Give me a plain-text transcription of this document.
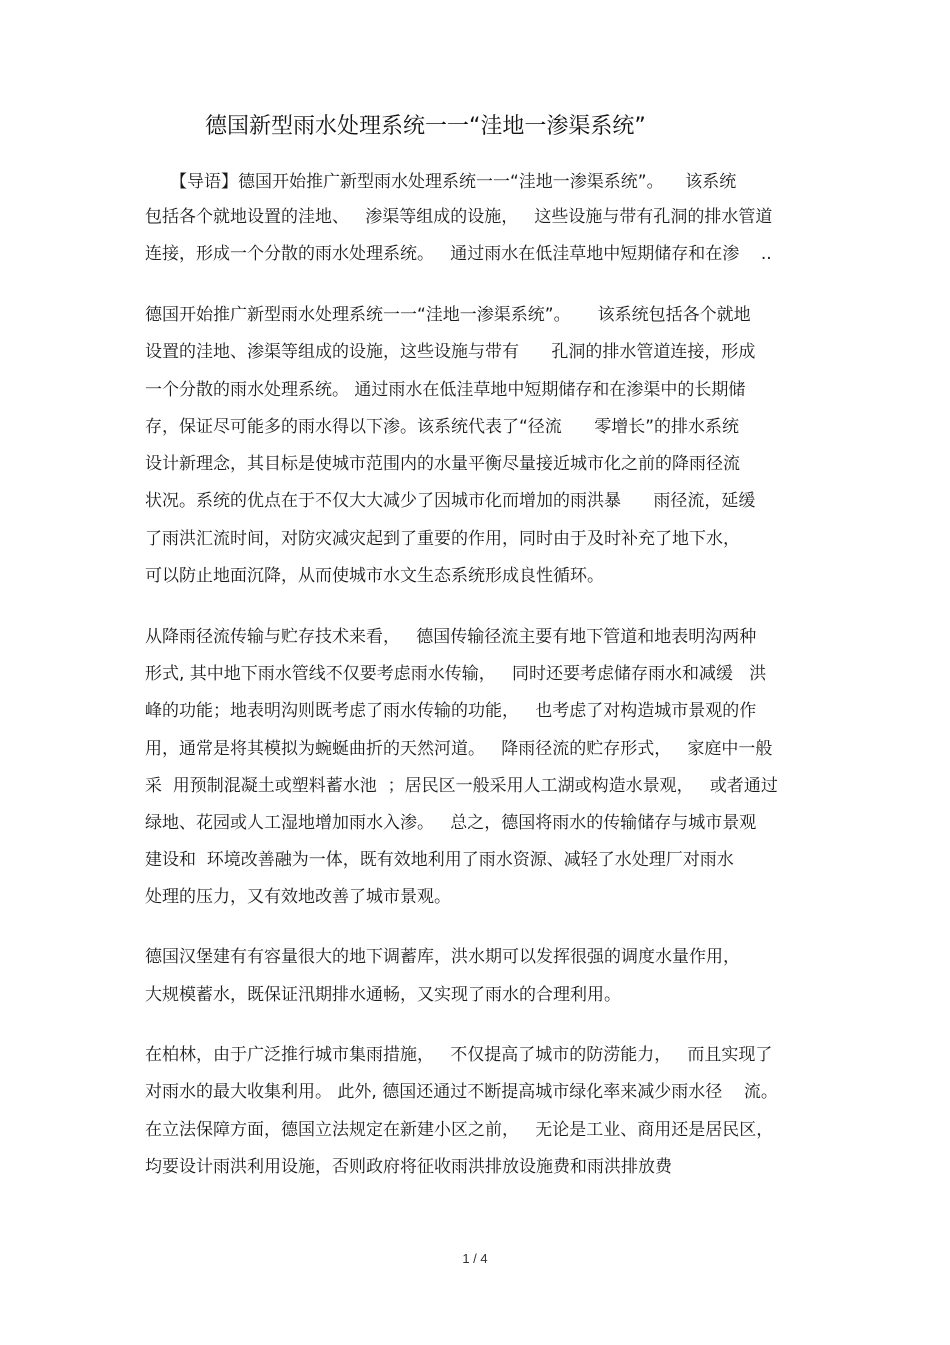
德国新型雨水处理系统一一“洼地一渗渠系统”
【导语】德国开始推广新型雨水处理系统一一“洼地一渗渠系统”。    该系统
包括各个就地设置的洼地、   渗渠等组成的设施，   这些设施与带有孔洞的排水管道
连接，形成一个分散的雨水处理系统。   通过雨水在低洼草地中短期储存和在渗    ..
德国开始推广新型雨水处理系统一一“洼地一渗渠系统”。     该系统包括各个就地
设置的洼地、渗渠等组成的设施，这些设施与带有      孔洞的排水管道连接，形成
一个分散的雨水处理系统。 通过雨水在低洼草地中短期储存和在渗渠中的长期储
存，保证尽可能多的雨水得以下渗。该系统代表了“径流      零增长”的排水系统
设计新理念，其目标是使城市范围内的水量平衡尽量接近城市化之前的降雨径流
状况。系统的优点在于不仅大大减少了因城市化而增加的雨洪暴      雨径流，延缓
了雨洪汇流时间，对防灾减灾起到了重要的作用，同时由于及时补充了地下水，
可以防止地面沉降，从而使城市水文生态系统形成良性循环。
从降雨径流传输与贮存技术来看，   德国传输径流主要有地下管道和地表明沟两种
形式, 其中地下雨水管线不仅要考虑雨水传输，   同时还要考虑储存雨水和减缓   洪
峰的功能；地表明沟则既考虑了雨水传输的功能，   也考虑了对构造城市景观的作
用，通常是将其模拟为蜿蜒曲折的天然河道。   降雨径流的贮存形式，   家庭中一般
采  用预制混凝土或塑料蓄水池  ；居民区一般采用人工湖或构造水景观，   或者通过
绿地、花园或人工湿地增加雨水入渗。   总之，德国将雨水的传输储存与城市景观
建设和  环境改善融为一体，既有效地利用了雨水资源、减轻了水处理厂对雨水
处理的压力，又有效地改善了城市景观。
德国汉堡建有有容量很大的地下调蓄库，洪水期可以发挥很强的调度水量作用，
大规模蓄水，既保证汛期排水通畅，又实现了雨水的合理利用。
在柏林，由于广泛推行城市集雨措施，   不仅提高了城市的防涝能力，   而且实现了
对雨水的最大收集利用。 此外, 德国还通过不断提高城市绿化率来减少雨水径    流。
在立法保障方面，德国立法规定在新建小区之前，   无论是工业、商用还是居民区，
均要设计雨洪利用设施，否则政府将征收雨洪排放设施费和雨洪排放费
1 / 4
